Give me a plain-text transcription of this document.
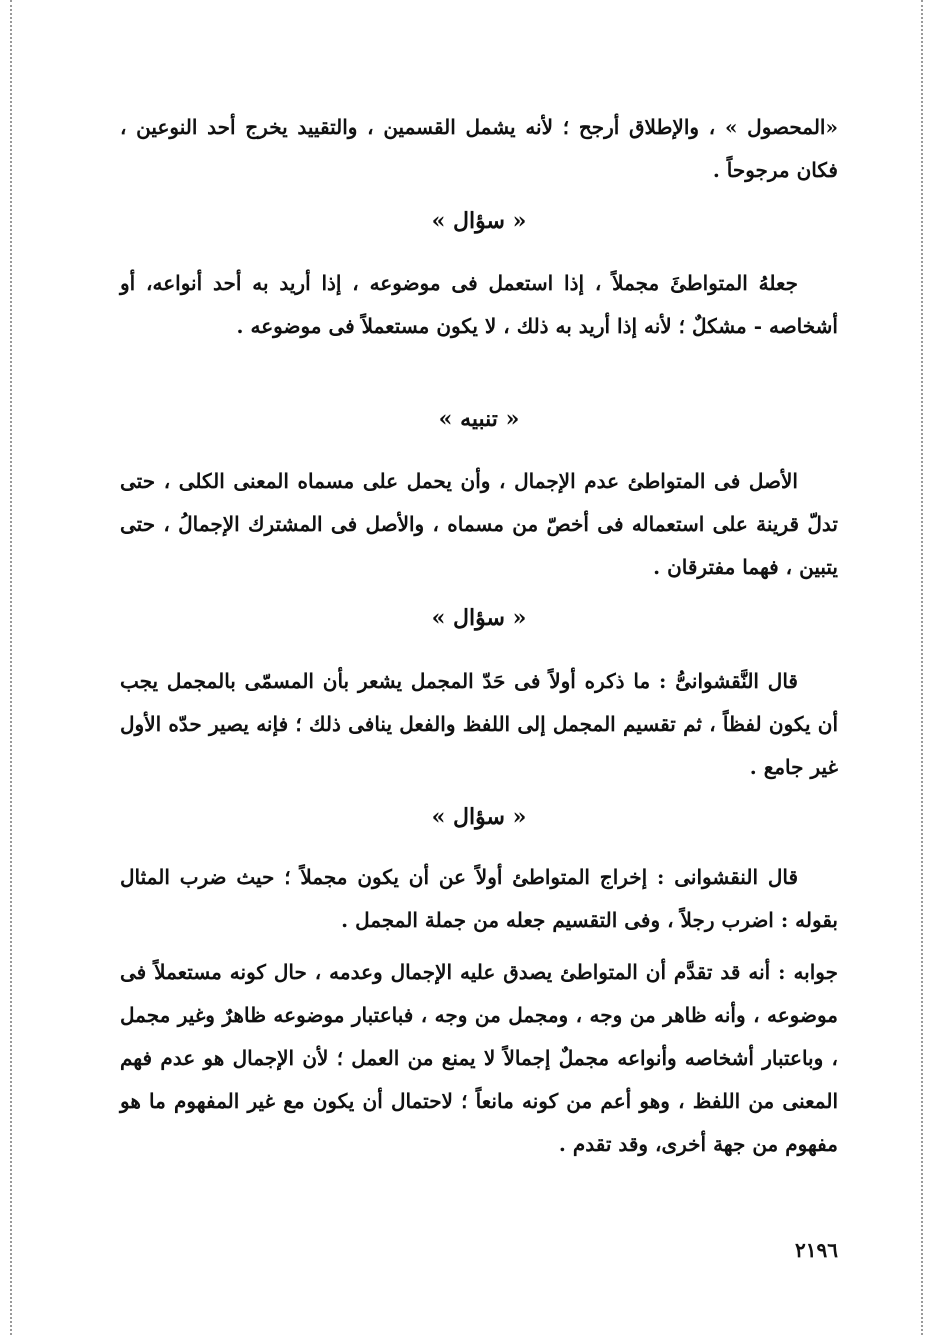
«المحصول » ، والإطلاق أرجح ؛ لأنه يشمل القسمين ، والتقييد يخرج أحد النوعين ، فكان مرجوحاً .
« سؤال »
جعلهُ المتواطئَ مجملاً ، إذا استعمل فى موضوعه ، إذا أريد به أحد أنواعه، أو أشخاصه - مشكلٌ ؛ لأنه إذا أريد به ذلك ، لا يكون مستعملاً فى موضوعه .
« تنبيه »
الأصل فى المتواطئ عدم الإجمال ، وأن يحمل على مسماه المعنى الكلى ، حتى تدلّ قرينة على استعماله فى أخصّ من مسماه ، والأصل فى المشترك الإجمالُ ، حتى يتبين ، فهما مفترقان .
« سؤال »
قال النَّقشوانىُّ : ما ذكره أولاً فى حَدّ المجمل يشعر بأن المسمّى بالمجمل يجب أن يكون لفظاً ، ثم تقسيم المجمل إلى اللفظ والفعل ينافى ذلك ؛ فإنه يصير حدّه الأول غير جامع .
« سؤال »
قال النقشوانى : إخراج المتواطئ أولاً عن أن يكون مجملاً ؛ حيث ضرب المثال بقوله : اضرب رجلاً ، وفى التقسيم جعله من جملة المجمل .
جوابه : أنه قد تقدَّم أن المتواطئ يصدق عليه الإجمال وعدمه ، حال كونه مستعملاً فى موضوعه ، وأنه ظاهر من وجه ، ومجمل من وجه ، فباعتبار موضوعه ظاهرٌ وغير مجمل ، وباعتبار أشخاصه وأنواعه مجملٌ إجمالاً لا يمنع من العمل ؛ لأن الإجمال هو عدم فهم المعنى من اللفظ ، وهو أعم من كونه مانعاً ؛ لاحتمال أن يكون مع غير المفهوم ما هو مفهوم من جهة أخرى، وقد تقدم .
٢١٩٦
